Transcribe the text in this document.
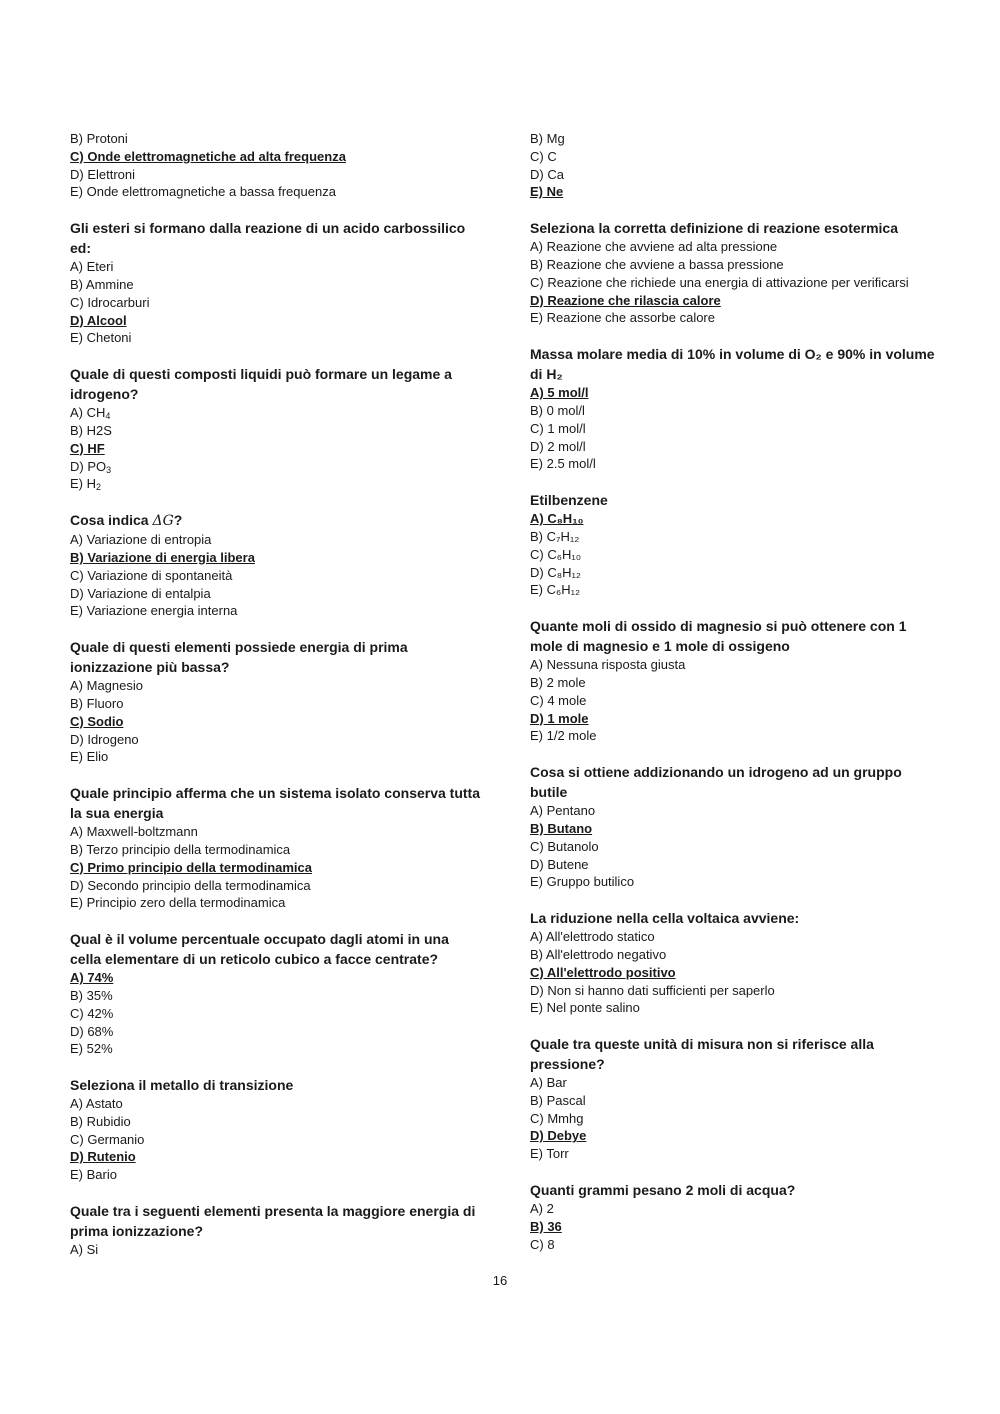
B) Protoni
C) Onde elettromagnetiche ad alta frequenza
D) Elettroni
E) Onde elettromagnetiche a bassa frequenza
Gli esteri si formano dalla reazione di un acido carbossilico ed:
A) Eteri
B) Ammine
C) Idrocarburi
D) Alcool
E) Chetoni
Quale di questi composti liquidi può formare un legame a idrogeno?
A) $CH_4$
B) H2S
C) HF
D) $PO_3$
E) $H_2$
Cosa indica ΔG?
A) Variazione di entropia
B) Variazione di energia libera
C) Variazione di spontaneità
D) Variazione di entalpia
E) Variazione energia interna
Quale di questi elementi possiede energia di prima ionizzazione più bassa?
A) Magnesio
B) Fluoro
C) Sodio
D) Idrogeno
E) Elio
Quale principio afferma che un sistema isolato conserva tutta la sua energia
A) Maxwell-boltzmann
B) Terzo principio della termodinamica
C) Primo principio della termodinamica
D) Secondo principio della termodinamica
E) Principio zero della termodinamica
Qual è il volume percentuale occupato dagli atomi in una cella elementare di un reticolo cubico a facce centrate?
A) 74%
B) 35%
C) 42%
D) 68%
E) 52%
Seleziona il metallo di transizione
A) Astato
B) Rubidio
C) Germanio
D) Rutenio
E) Bario
Quale tra i seguenti elementi presenta la maggiore energia di prima ionizzazione?
A) Si
B) Mg
C) C
D) Ca
E) Ne
Seleziona la corretta definizione di reazione esotermica
A) Reazione che avviene ad alta pressione
B) Reazione che avviene a bassa pressione
C) Reazione che richiede una energia di attivazione per verificarsi
D) Reazione che rilascia calore
E) Reazione che assorbe calore
Massa molare media di 10% in volume di O₂ e 90% in volume di H₂
A) 5 mol/l
B) 0 mol/l
C) 1 mol/l
D) 2 mol/l
E) 2.5 mol/l
Etilbenzene
A) C₈H₁₀
B) C₇H₁₂
C) C₆H₁₀
D) C₈H₁₂
E) C₆H₁₂
Quante moli di ossido di magnesio si può ottenere con 1 mole di magnesio e 1 mole di ossigeno
A) Nessuna risposta giusta
B) 2 mole
C) 4 mole
D) 1 mole
E) 1/2 mole
Cosa si ottiene addizionando un idrogeno ad un gruppo butile
A) Pentano
B) Butano
C) Butanolo
D) Butene
E) Gruppo butilico
La riduzione nella cella voltaica avviene:
A) All'elettrodo statico
B) All'elettrodo negativo
C) All'elettrodo positivo
D) Non si hanno dati sufficienti per saperlo
E) Nel ponte salino
Quale tra queste unità di misura non si riferisce alla pressione?
A) Bar
B) Pascal
C) Mmhg
D) Debye
E) Torr
Quanti grammi pesano 2 moli di acqua?
A) 2
B) 36
C) 8
16
